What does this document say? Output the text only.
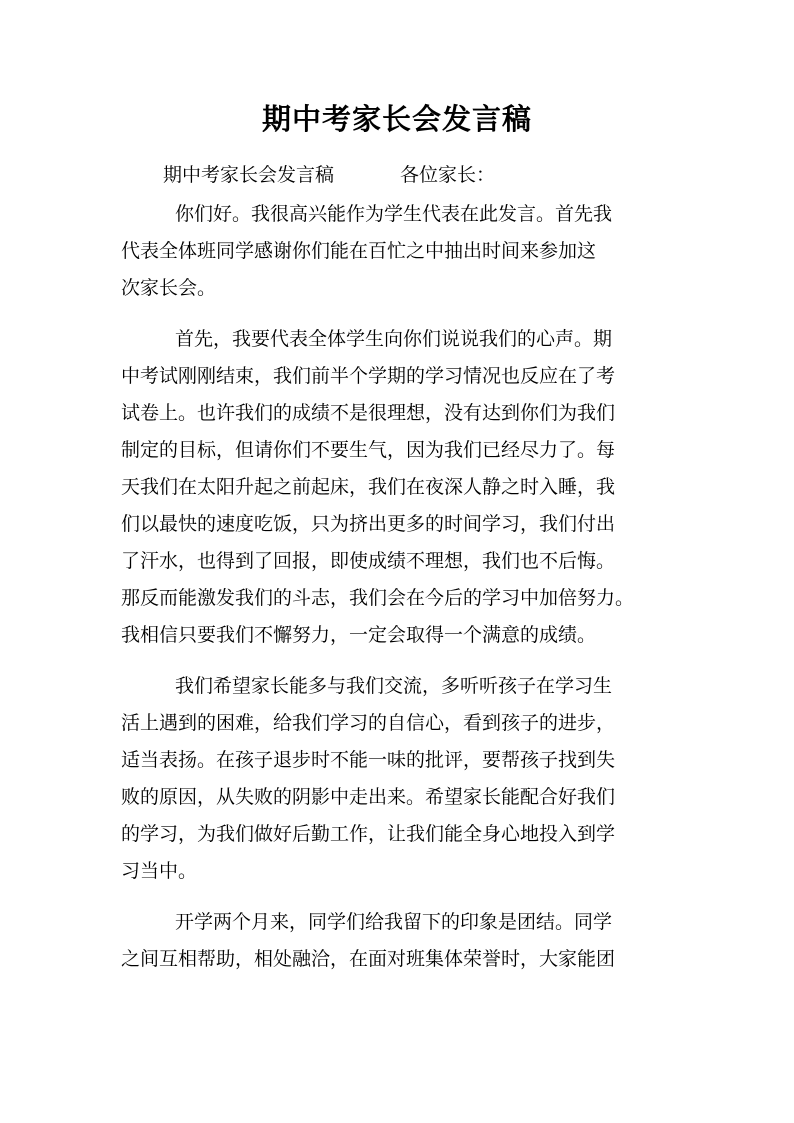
期中考家长会发言稿
期中考家长会发言稿	各位家长：
你们好。我很高兴能作为学生代表在此发言。首先我
代表全体班同学感谢你们能在百忙之中抽出时间来参加这
次家长会。
首先，我要代表全体学生向你们说说我们的心声。期
中考试刚刚结束，我们前半个学期的学习情况也反应在了考
试卷上。也许我们的成绩不是很理想，没有达到你们为我们
制定的目标，但请你们不要生气，因为我们已经尽力了。每
天我们在太阳升起之前起床，我们在夜深人静之时入睡，我
们以最快的速度吃饭，只为挤出更多的时间学习，我们付出
了汗水，也得到了回报，即使成绩不理想，我们也不后悔。
那反而能激发我们的斗志，我们会在今后的学习中加倍努力。
我相信只要我们不懈努力，一定会取得一个满意的成绩。
我们希望家长能多与我们交流，多听听孩子在学习生
活上遇到的困难，给我们学习的自信心，看到孩子的进步，
适当表扬。在孩子退步时不能一味的批评，要帮孩子找到失
败的原因，从失败的阴影中走出来。希望家长能配合好我们
的学习，为我们做好后勤工作，让我们能全身心地投入到学
习当中。
开学两个月来，同学们给我留下的印象是团结。同学
之间互相帮助，相处融洽，在面对班集体荣誉时，大家能团
